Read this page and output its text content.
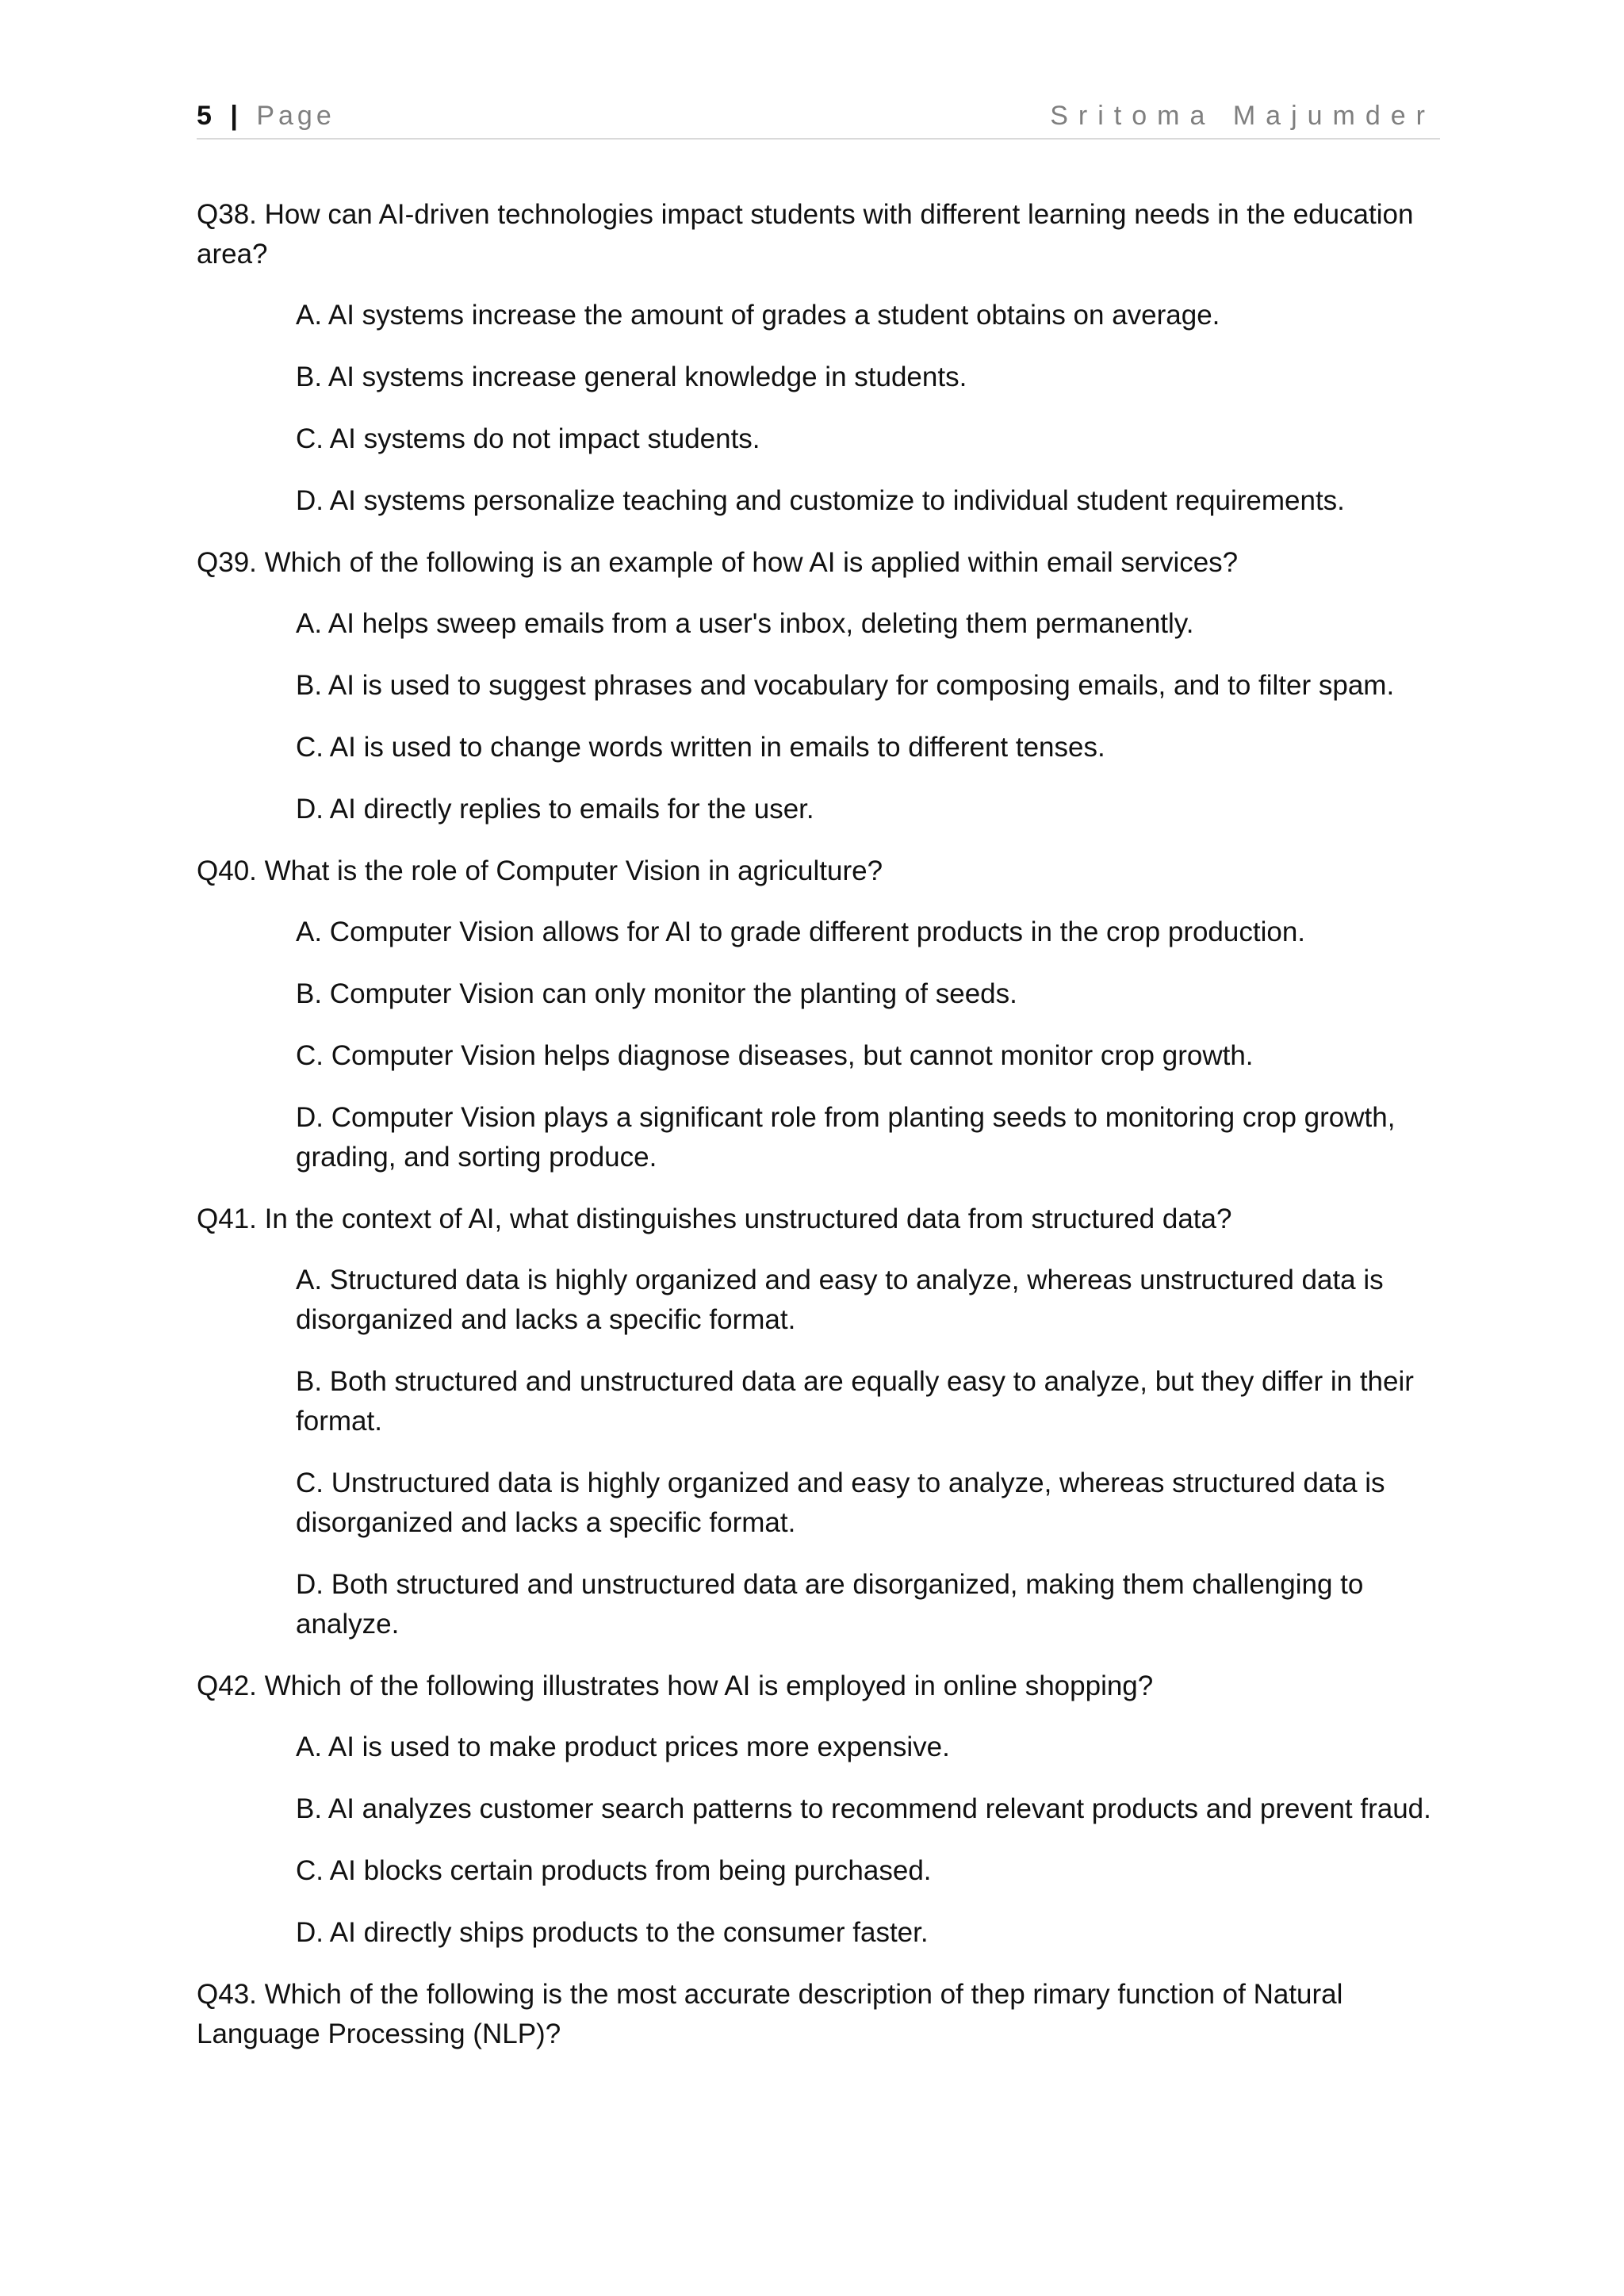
5 | Page	Sritoma Majumder
Q38. How can AI-driven technologies impact students with different learning needs in the education area?
A. AI systems increase the amount of grades a student obtains on average.
B. AI systems increase general knowledge in students.
C. AI systems do not impact students.
D. AI systems personalize teaching and customize to individual student requirements.
Q39. Which of the following is an example of how AI is applied within email services?
A. AI helps sweep emails from a user's inbox, deleting them permanently.
B. AI is used to suggest phrases and vocabulary for composing emails, and to filter spam.
C. AI is used to change words written in emails to different tenses.
D. AI directly replies to emails for the user.
Q40. What is the role of Computer Vision in agriculture?
A. Computer Vision allows for AI to grade different products in the crop production.
B. Computer Vision can only monitor the planting of seeds.
C. Computer Vision helps diagnose diseases, but cannot monitor crop growth.
D. Computer Vision plays a significant role from planting seeds to monitoring crop growth, grading, and sorting produce.
Q41. In the context of AI, what distinguishes unstructured data from structured data?
A. Structured data is highly organized and easy to analyze, whereas unstructured data is disorganized and lacks a specific format.
B. Both structured and unstructured data are equally easy to analyze, but they differ in their format.
C. Unstructured data is highly organized and easy to analyze, whereas structured data is disorganized and lacks a specific format.
D. Both structured and unstructured data are disorganized, making them challenging to analyze.
Q42. Which of the following illustrates how AI is employed in online shopping?
A. AI is used to make product prices more expensive.
B. AI analyzes customer search patterns to recommend relevant products and prevent fraud.
C. AI blocks certain products from being purchased.
D. AI directly ships products to the consumer faster.
Q43. Which of the following is the most accurate description of thep rimary function of Natural Language Processing (NLP)?
